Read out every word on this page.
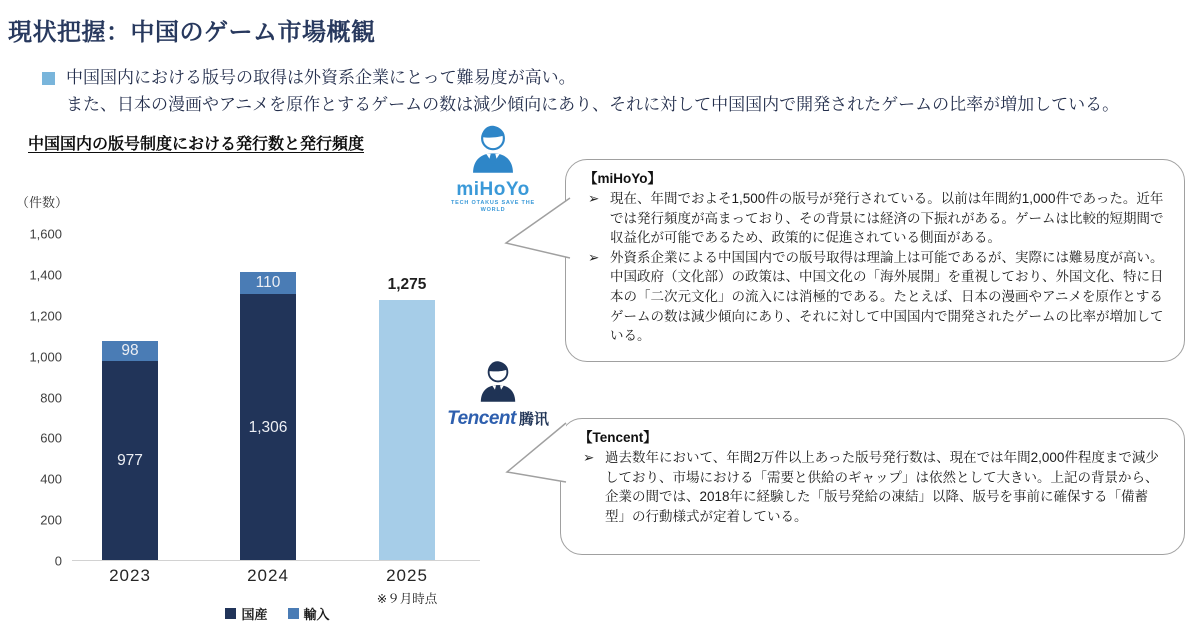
現状把握：中国のゲーム市場概観
中国国内における版号の取得は外資系企業にとって難易度が高い。
また、日本の漫画やアニメを原作とするゲームの数は減少傾向にあり、それに対して中国国内で開発されたゲームの比率が増加している。
中国国内の版号制度における発行数と発行頻度
（件数）
0
200
400
600
800
1,000
1,200
1,400
1,600
977
98
2023
1,306
110
2024	2025
1,275
※９月時点
国産	輸入
miHoYo
TECH OTAKUS SAVE THE WORLD
Tencent 腾讯
【miHoYo】
➢ 現在、年間でおよそ1,500件の版号が発行されている。以前は年間約1,000件であった。近年では発行頻度が高まっており、その背景には経済の下振れがある。ゲームは比較的短期間で収益化が可能であるため、政策的に促進されている側面がある。
➢ 外資系企業による中国国内での版号取得は理論上は可能であるが、実際には難易度が高い。中国政府（文化部）の政策は、中国文化の「海外展開」を重視しており、外国文化、特に日本の「二次元文化」の流入には消極的である。たとえば、日本の漫画やアニメを原作とするゲームの数は減少傾向にあり、それに対して中国国内で開発されたゲームの比率が増加している。
【Tencent】
➢ 過去数年において、年間2万件以上あった版号発行数は、現在では年間2,000件程度まで減少しており、市場における「需要と供給のギャップ」は依然として大きい。上記の背景から、企業の間では、2018年に経験した「版号発給の凍結」以降、版号を事前に確保する「備蓄型」の行動様式が定着している。
